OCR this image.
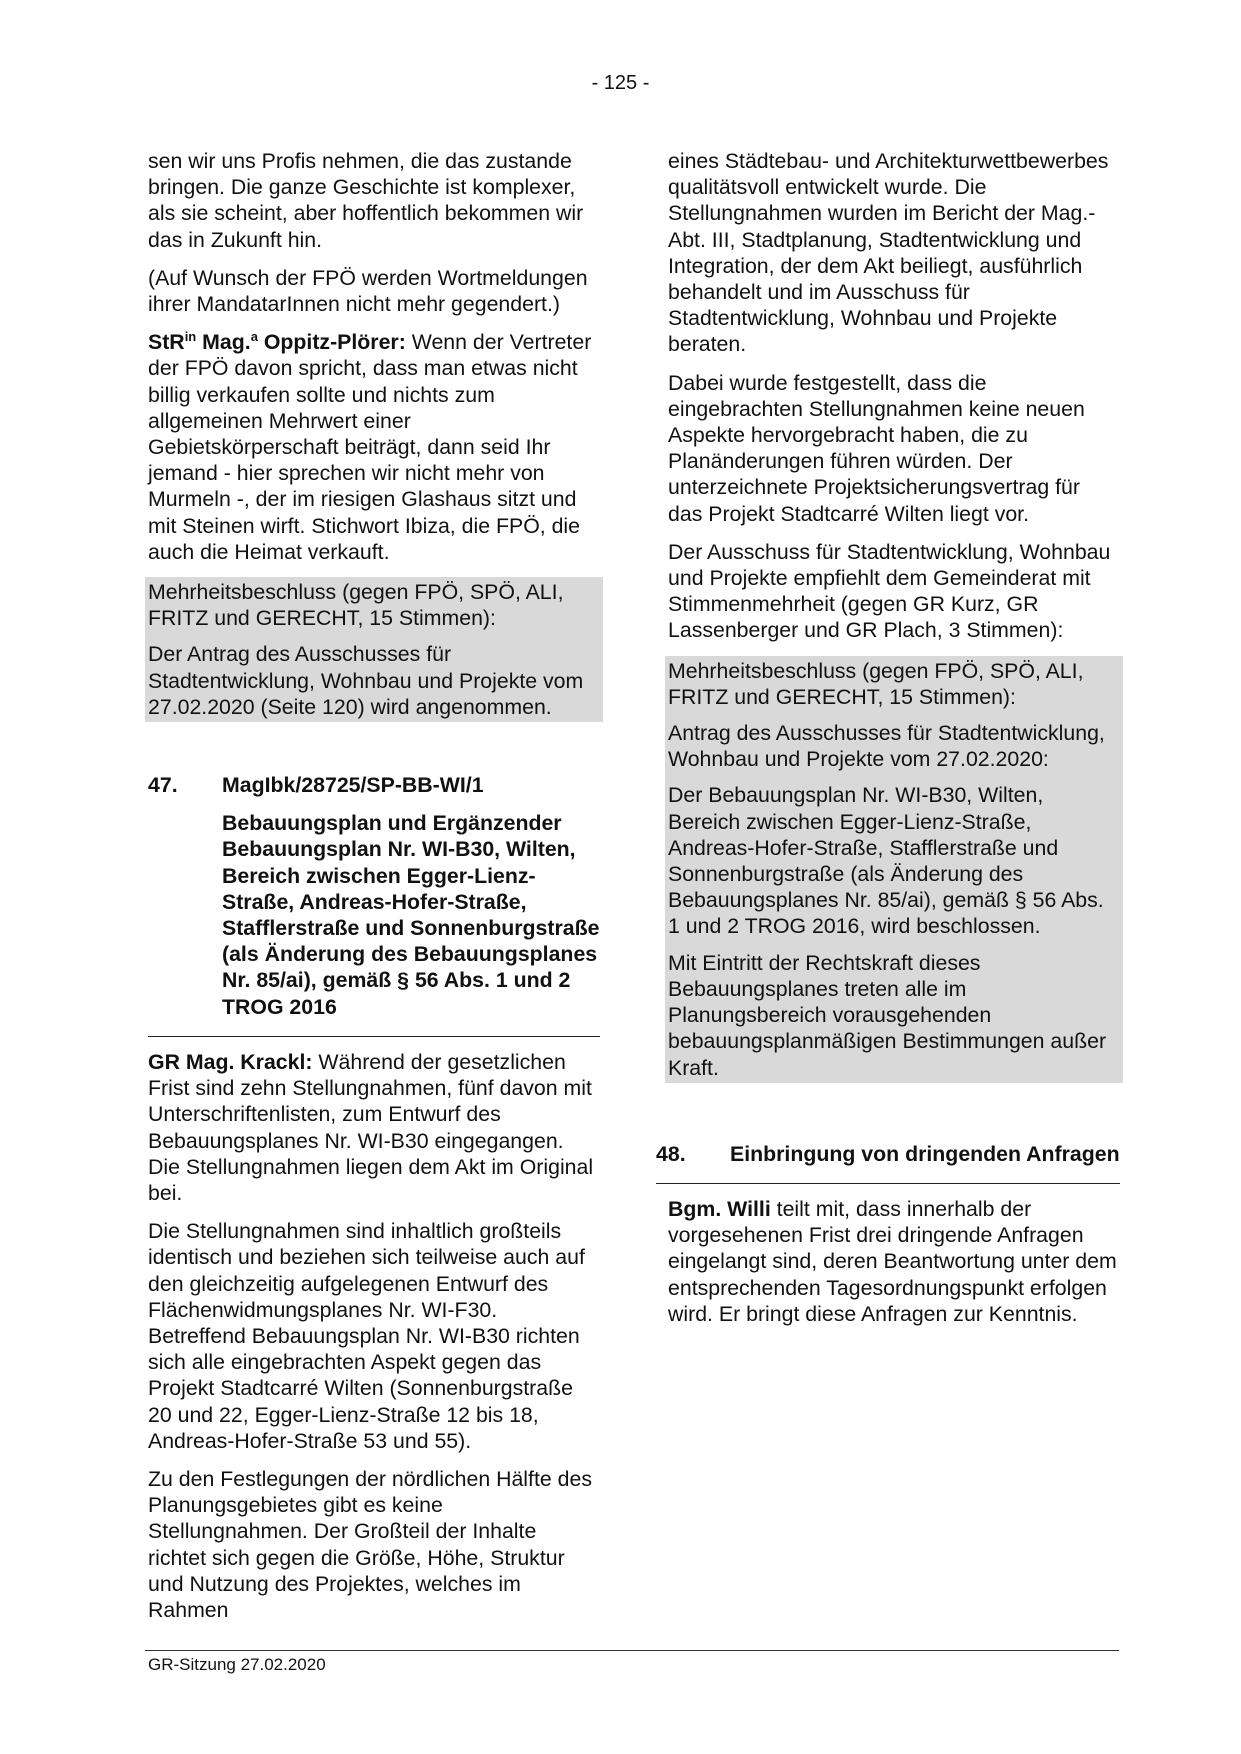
- 125 -

sen wir uns Profis nehmen, die das zustande bringen. Die ganze Geschichte ist komplexer, als sie scheint, aber hoffentlich bekommen wir das in Zukunft hin.

(Auf Wunsch der FPÖ werden Wortmeldungen ihrer MandatarInnen nicht mehr gegendert.)

StR$^{in}$ Mag.$^a$ Oppitz-Plörer: Wenn der Vertreter der FPÖ davon spricht, dass man etwas nicht billig verkaufen sollte und nichts zum allgemeinen Mehrwert einer Gebietskörperschaft beiträgt, dann seid Ihr jemand - hier sprechen wir nicht mehr von Murmeln -, der im riesigen Glashaus sitzt und mit Steinen wirft. Stichwort Ibiza, die FPÖ, die auch die Heimat verkauft.

Mehrheitsbeschluss (gegen FPÖ, SPÖ, ALI, FRITZ und GERECHT, 15 Stimmen):

Der Antrag des Ausschusses für Stadtentwicklung, Wohnbau und Projekte vom 27.02.2020 (Seite 120) wird angenommen.

47.	MagIbk/28725/SP-BB-WI/1

Bebauungsplan und Ergänzender Bebauungsplan Nr. WI-B30, Wilten, Bereich zwischen Egger-Lienz-Straße, Andreas-Hofer-Straße, Stafflerstraße und Sonnenburgstraße (als Änderung des Bebauungsplanes Nr. 85/ai), gemäß § 56 Abs. 1 und 2 TROG 2016

GR Mag. Krackl: Während der gesetzlichen Frist sind zehn Stellungnahmen, fünf davon mit Unterschriftenlisten, zum Entwurf des Bebauungsplanes Nr. WI-B30 eingegangen. Die Stellungnahmen liegen dem Akt im Original bei.

Die Stellungnahmen sind inhaltlich großteils identisch und beziehen sich teilweise auch auf den gleichzeitig aufgelegenen Entwurf des Flächenwidmungsplanes Nr. WI-F30. Betreffend Bebauungsplan Nr. WI-B30 richten sich alle eingebrachten Aspekt gegen das Projekt Stadtcarré Wilten (Sonnenburgstraße 20 und 22, Egger-Lienz-Straße 12 bis 18, Andreas-Hofer-Straße 53 und 55).

Zu den Festlegungen der nördlichen Hälfte des Planungsgebietes gibt es keine Stellungnahmen. Der Großteil der Inhalte richtet sich gegen die Größe, Höhe, Struktur und Nutzung des Projektes, welches im Rahmen

eines Städtebau- und Architekturwettbewerbes qualitätsvoll entwickelt wurde. Die Stellungnahmen wurden im Bericht der Mag.-Abt. III, Stadtplanung, Stadtentwicklung und Integration, der dem Akt beiliegt, ausführlich behandelt und im Ausschuss für Stadtentwicklung, Wohnbau und Projekte beraten.

Dabei wurde festgestellt, dass die eingebrachten Stellungnahmen keine neuen Aspekte hervorgebracht haben, die zu Planänderungen führen würden. Der unterzeichnete Projektsicherungsvertrag für das Projekt Stadtcarré Wilten liegt vor.

Der Ausschuss für Stadtentwicklung, Wohnbau und Projekte empfiehlt dem Gemeinderat mit Stimmenmehrheit (gegen GR Kurz, GR Lassenberger und GR Plach, 3 Stimmen):

Mehrheitsbeschluss (gegen FPÖ, SPÖ, ALI, FRITZ und GERECHT, 15 Stimmen):

Antrag des Ausschusses für Stadtentwicklung, Wohnbau und Projekte vom 27.02.2020:

Der Bebauungsplan Nr. WI-B30, Wilten, Bereich zwischen Egger-Lienz-Straße, Andreas-Hofer-Straße, Stafflerstraße und Sonnenburgstraße (als Änderung des Bebauungsplanes Nr. 85/ai), gemäß § 56 Abs. 1 und 2 TROG 2016, wird beschlossen.

Mit Eintritt der Rechtskraft dieses Bebauungsplanes treten alle im Planungsbereich vorausgehenden bebauungsplanmäßigen Bestimmungen außer Kraft.

48.	Einbringung von dringenden Anfragen

Bgm. Willi teilt mit, dass innerhalb der vorgesehenen Frist drei dringende Anfragen eingelangt sind, deren Beantwortung unter dem entsprechenden Tagesordnungspunkt erfolgen wird. Er bringt diese Anfragen zur Kenntnis.

GR-Sitzung 27.02.2020
